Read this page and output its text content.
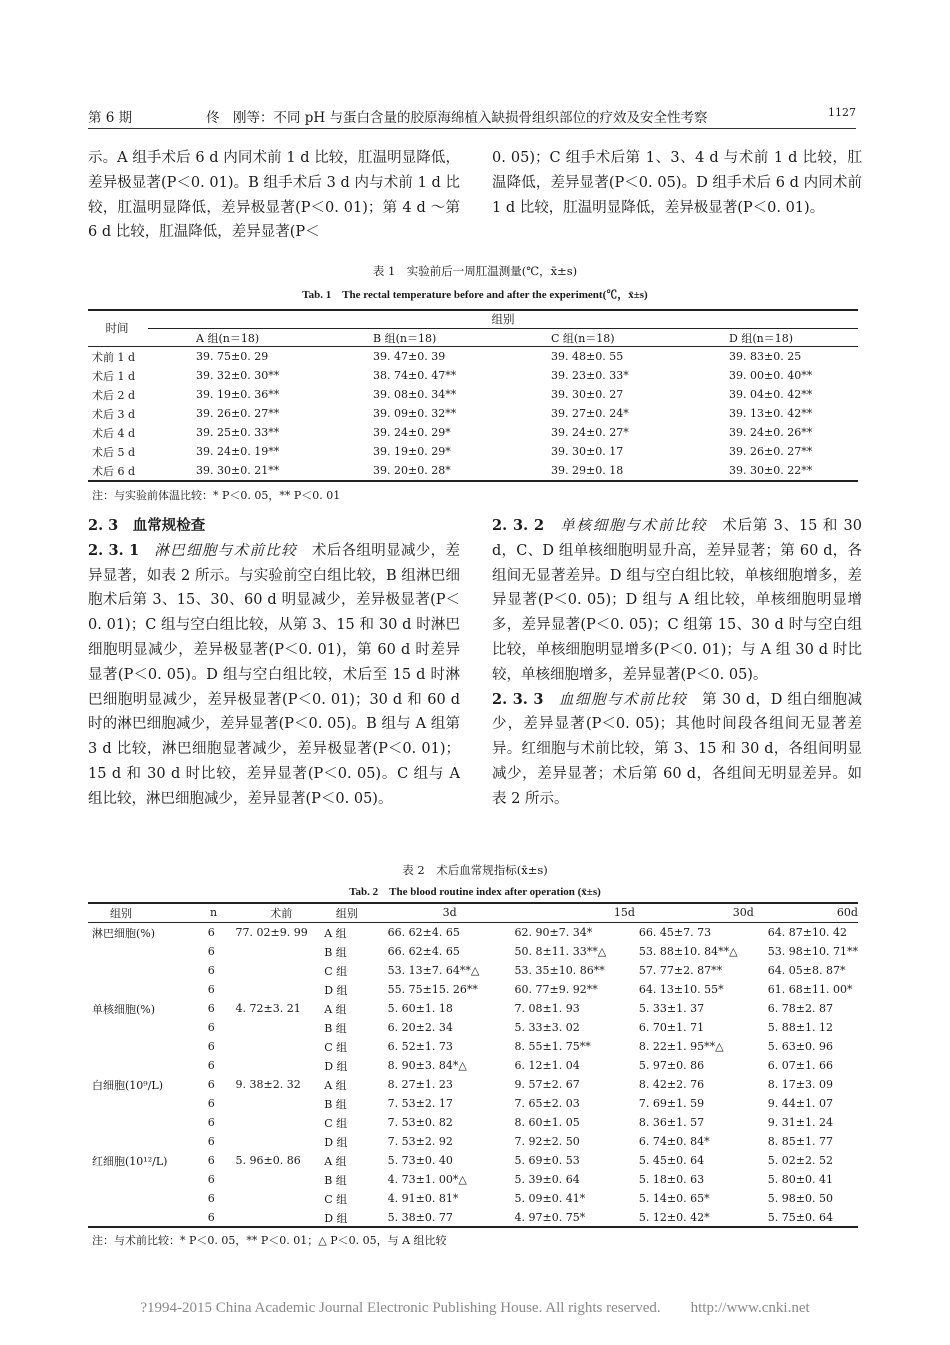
第 6 期	佟　刚等：不同 pH 与蛋白含量的胶原海绵植入缺损骨组织部位的疗效及安全性考察	1127

示。A 组手术后 6 d 内同术前 1 d 比较，肛温明显降低，差异极显著(P＜0. 01)。B 组手术后 3 d 内与术前 1 d 比较，肛温明显降低，差异极显著(P＜0. 01)；第 4 d ～第 6 d 比较，肛温降低，差异显著(P＜

0. 05)；C 组手术后第 1、3、4 d 与术前 1 d 比较，肛温降低，差异显著(P＜0. 05)。D 组手术后 6 d 内同术前 1 d 比较，肛温明显降低，差异极显著(P＜0. 01)。

表 1　实验前后一周肛温测量(℃，x̄±s)
Tab. 1　The rectal temperature before and after the experiment(℃，x̄±s)
时间
组别
A 组(n＝18)	B 组(n＝18)	C 组(n＝18)	D 组(n＝18)
术前 1 d	39. 75±0. 29	39. 47±0. 39	39. 48±0. 55	39. 83±0. 25
术后 1 d	39. 32±0. 30**	38. 74±0. 47**	39. 23±0. 33*	39. 00±0. 40**
术后 2 d	39. 19±0. 36**	39. 08±0. 34**	39. 30±0. 27	39. 04±0. 42**
术后 3 d	39. 26±0. 27**	39. 09±0. 32**	39. 27±0. 24*	39. 13±0. 42**
术后 4 d	39. 25±0. 33**	39. 24±0. 29*	39. 24±0. 27*	39. 24±0. 26**
术后 5 d	39. 24±0. 19**	39. 19±0. 29*	39. 30±0. 17	39. 26±0. 27**
术后 6 d	39. 30±0. 21**	39. 20±0. 28*	39. 29±0. 18	39. 30±0. 22**
注：与实验前体温比较：* P＜0. 05，** P＜0. 01

2. 3　血常规检查

2. 3. 1　 淋巴细胞与术前比较　术后各组明显减少，差异显著，如表 2 所示。与实验前空白组比较，B 组淋巴细胞术后第 3、15、30、60 d 明显减少，差异极显著(P＜0. 01)；C 组与空白组比较，从第 3、15 和 30 d 时淋巴细胞明显减少，差异极显著(P＜0. 01)，第 60 d 时差异显著(P＜0. 05)。D 组与空白组比较，术后至 15 d 时淋巴细胞明显减少，差异极显著(P＜0. 01)；30 d 和 60 d 时的淋巴细胞减少，差异显著(P＜0. 05)。B 组与 A 组第 3 d 比较，淋巴细胞显著减少，差异极显著(P＜0. 01)；15 d 和 30 d 时比较，差异显著(P＜0. 05)。C 组与 A 组比较，淋巴细胞减少，差异显著(P＜0. 05)。

2. 3. 2　 单核细胞与术前比较　术后第 3、15 和 30 d，C、D 组单核细胞明显升高，差异显著；第 60 d，各组间无显著差异。D 组与空白组比较，单核细胞增多，差异显著(P＜0. 05)；D 组与 A 组比较，单核细胞明显增多，差异显著(P＜0. 05)；C 组第 15、30 d 时与空白组比较，单核细胞明显增多(P＜0. 01)；与 A 组 30 d 时比较，单核细胞增多，差异显著(P＜0. 05)。

2. 3. 3　 血细胞与术前比较　第 30 d，D 组白细胞减少，差异显著(P＜0. 05)；其他时间段各组间无显著差异。红细胞与术前比较，第 3、15 和 30 d，各组间明显减少，差异显著；术后第 60 d，各组间无明显差异。如表 2 所示。

表 2　术后血常规指标(x̄±s)
Tab. 2　The blood routine index after operation (x̄±s)
组别	n	术前	组别	3d	15d	30d	60d
淋巴细胞(%)	6	77. 02±9. 99	A 组	66. 62±4. 65	62. 90±7. 34*	66. 45±7. 73	64. 87±10. 42
	6		B 组	66. 62±4. 65	50. 8±11. 33**△	53. 88±10. 84**△	53. 98±10. 71**
	6		C 组	53. 13±7. 64**△	53. 35±10. 86**	57. 77±2. 87**	64. 05±8. 87*
	6		D 组	55. 75±15. 26**	60. 77±9. 92**	64. 13±10. 55*	61. 68±11. 00*
单核细胞(%)	6	4. 72±3. 21	A 组	5. 60±1. 18	7. 08±1. 93	5. 33±1. 37	6. 78±2. 87
	6		B 组	6. 20±2. 34	5. 33±3. 02	6. 70±1. 71	5. 88±1. 12
	6		C 组	6. 52±1. 73	8. 55±1. 75**	8. 22±1. 95**△	5. 63±0. 96
	6		D 组	8. 90±3. 84*△	6. 12±1. 04	5. 97±0. 86	6. 07±1. 66
白细胞(10⁹/L)	6	9. 38±2. 32	A 组	8. 27±1. 23	9. 57±2. 67	8. 42±2. 76	8. 17±3. 09
	6		B 组	7. 53±2. 17	7. 65±2. 03	7. 69±1. 59	9. 44±1. 07
	6		C 组	7. 53±0. 82	8. 60±1. 05	8. 36±1. 57	9. 31±1. 24
	6		D 组	7. 53±2. 92	7. 92±2. 50	6. 74±0. 84*	8. 85±1. 77
红细胞(10¹²/L)	6	5. 96±0. 86	A 组	5. 73±0. 40	5. 69±0. 53	5. 45±0. 64	5. 02±2. 52
	6		B 组	4. 73±1. 00*△	5. 39±0. 64	5. 18±0. 63	5. 80±0. 41
	6		C 组	4. 91±0. 81*	5. 09±0. 41*	5. 14±0. 65*	5. 98±0. 50
	6		D 组	5. 38±0. 77	4. 97±0. 75*	5. 12±0. 42*	5. 75±0. 64
注：与术前比较：* P＜0. 05，** P＜0. 01；△ P＜0. 05，与 A 组比较
?1994-2015 China Academic Journal Electronic Publishing House. All rights reserved.　　http://www.cnki.net
